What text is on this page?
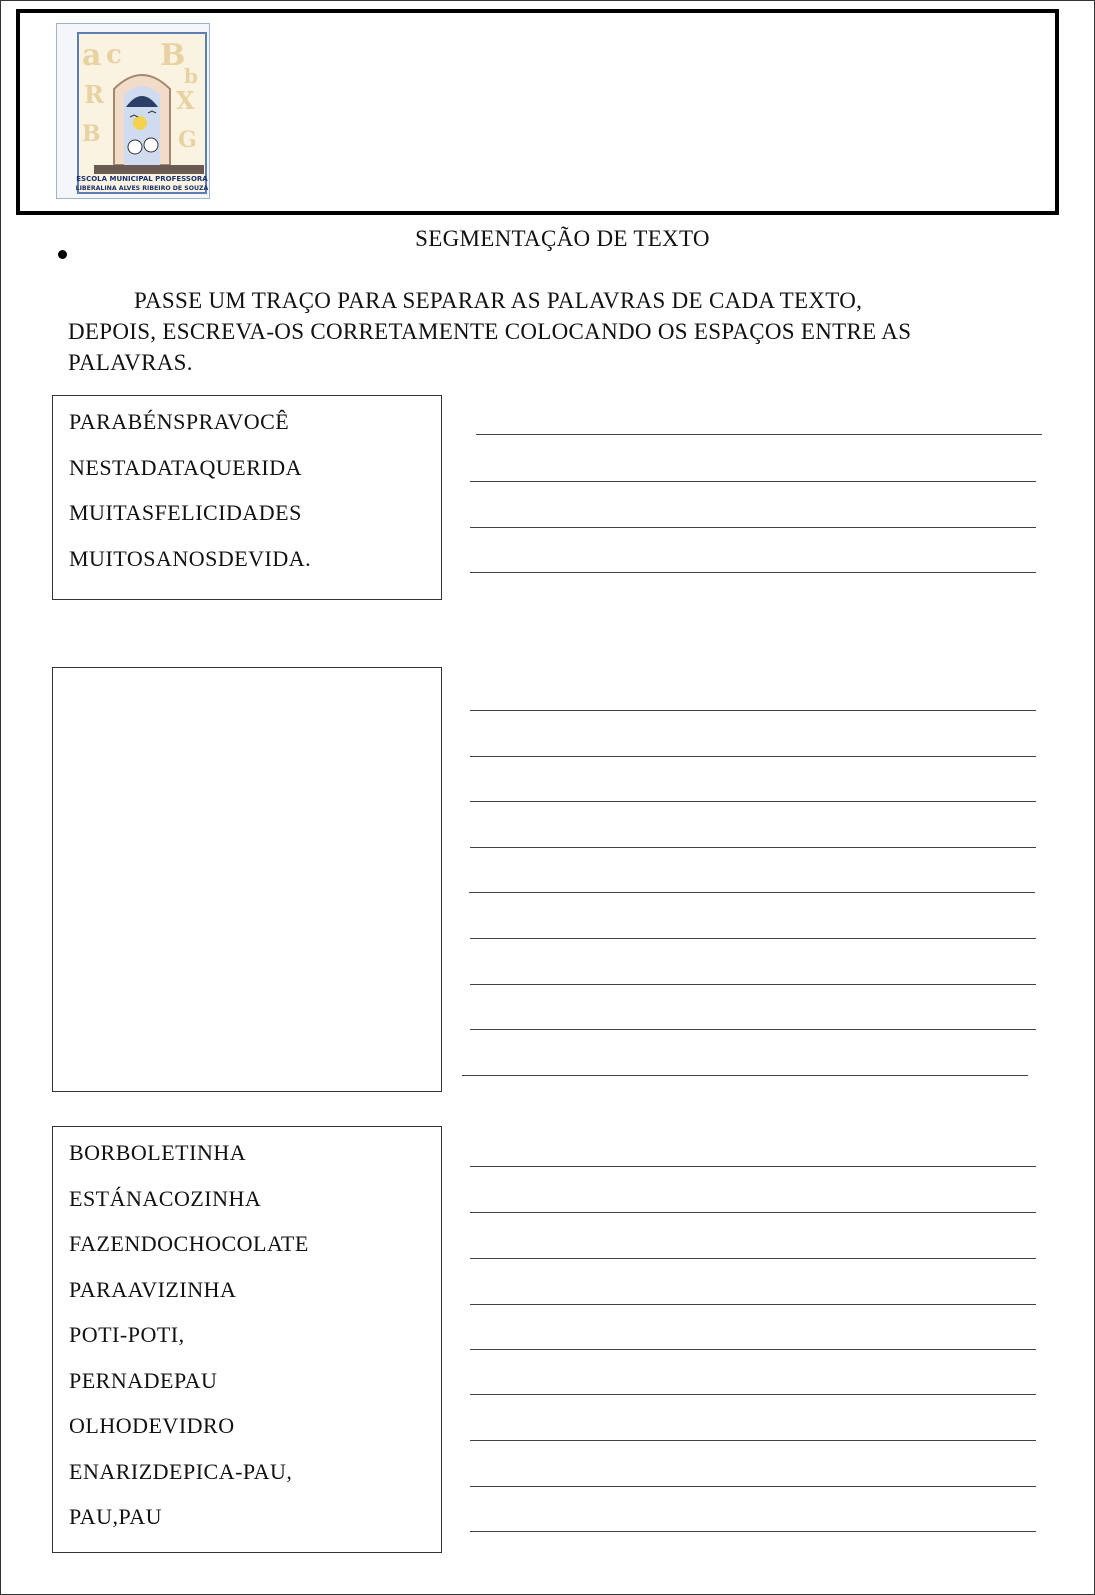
a c B
b
R	X
B	G
ESCOLA MUNICIPAL PROFESSORA
LIBERALINA ALVES RIBEIRO DE SOUZA
SEGMENTAÇÃO DE TEXTO
PASSE UM TRAÇO PARA SEPARAR AS PALAVRAS DE CADA TEXTO,
DEPOIS, ESCREVA-OS CORRETAMENTE COLOCANDO OS ESPAÇOS ENTRE AS
PALAVRAS.
PARABÉNSPRAVOCÊ
NESTADATAQUERIDA
MUITASFELICIDADES
MUITOSANOSDEVIDA.
BORBOLETINHA
ESTÁNACOZINHA
FAZENDOCHOCOLATE
PARAAVIZINHA
POTI-POTI,
PERNADEPAU
OLHODEVIDRO
ENARIZDEPICA-PAU,
PAU,PAU
